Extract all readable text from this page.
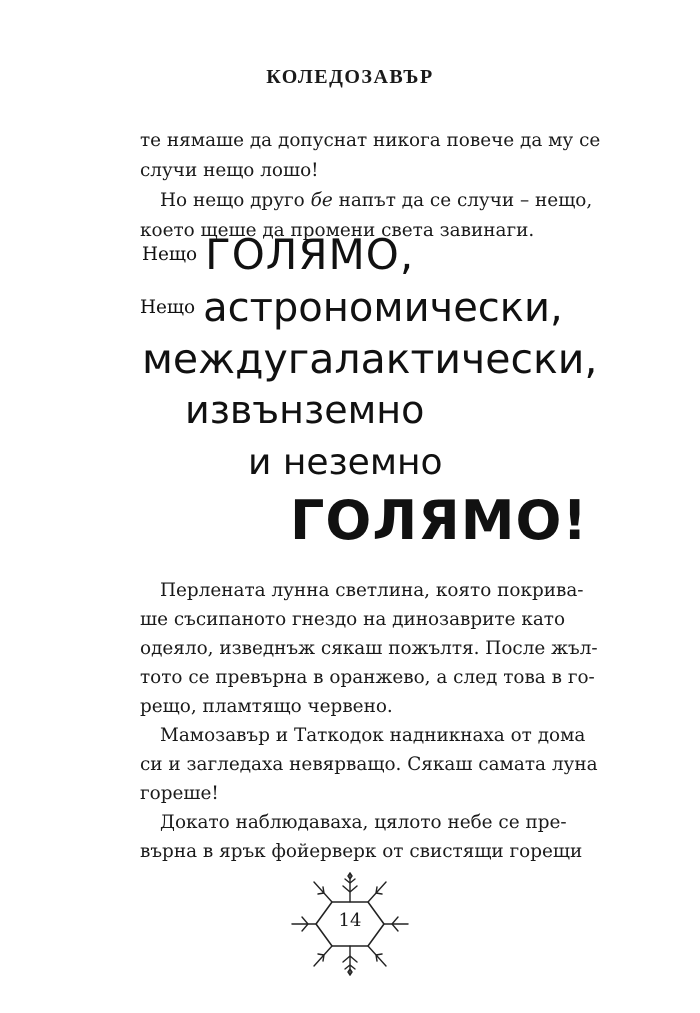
КОЛЕДОЗАВЪР
те нямаше да допуснат никога повече да му се
случи нещо лошо!
Но нещо друго бе напът да се случи – нещо,
което щеше да промени света завинаги.
Нещо ГОЛЯМО,
Нещо астрономически,
междугалактически,
извънземно
и неземно
ГОЛЯМО!
Перлената лунна светлина, която покрива-
ше съсипаното гнездо на динозаврите като
одеяло, изведнъж сякаш пожълтя. После жъл-
тото се превърна в оранжево, а след това в го-
рещо, пламтящо червено.
Мамозавър и Таткодок надникнаха от дома
си и загледаха невярващо. Сякаш самата луна
гореше!
Докато наблюдаваха, цялото небе се пре-
върна в ярък фойерверк от свистящи горещи
14
